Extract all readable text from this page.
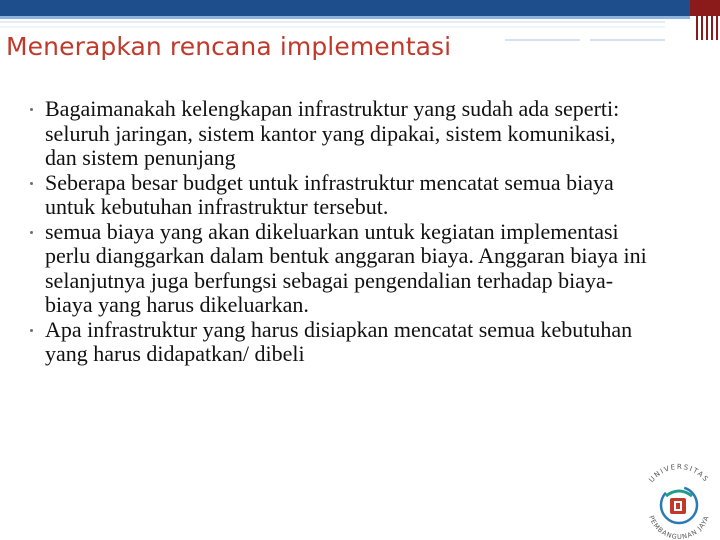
Menerapkan rencana implementasi
Bagaimanakah kelengkapan infrastruktur yang sudah ada seperti: seluruh jaringan, sistem kantor yang dipakai, sistem komunikasi, dan sistem penunjang
Seberapa besar budget untuk infrastruktur mencatat semua biaya untuk kebutuhan infrastruktur tersebut.
semua biaya yang akan dikeluarkan untuk kegiatan implementasi perlu dianggarkan dalam bentuk anggaran biaya. Anggaran biaya ini selanjutnya juga berfungsi sebagai pengendalian terhadap biaya-biaya yang harus dikeluarkan.
Apa infrastruktur yang harus disiapkan mencatat semua kebutuhan yang harus didapatkan/ dibeli
UNIVERSITAS
PEMBANGUNAN JAYA
